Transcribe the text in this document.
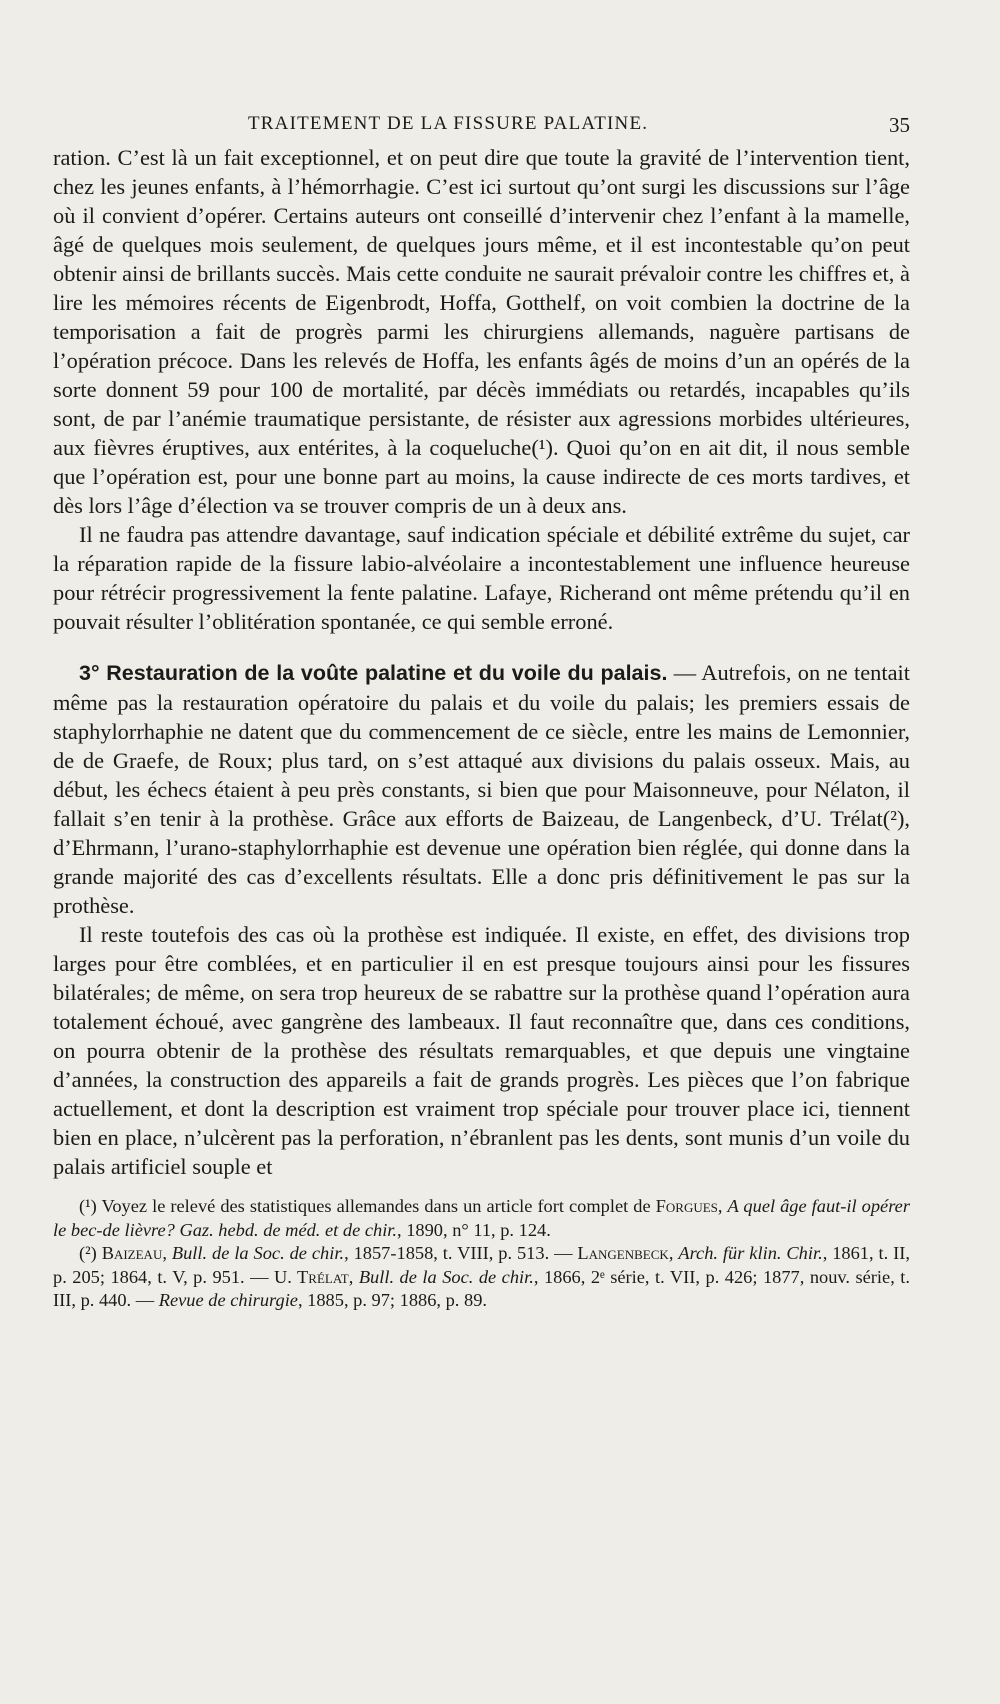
TRAITEMENT DE LA FISSURE PALATINE.	35

ration. C’est là un fait exceptionnel, et on peut dire que toute la gravité de l’intervention tient, chez les jeunes enfants, à l’hémorrhagie. C’est ici surtout qu’ont surgi les discussions sur l’âge où il convient d’opérer. Certains auteurs ont conseillé d’intervenir chez l’enfant à la mamelle, âgé de quelques mois seulement, de quelques jours même, et il est incontestable qu’on peut obtenir ainsi de brillants succès. Mais cette conduite ne saurait prévaloir contre les chiffres et, à lire les mémoires récents de Eigenbrodt, Hoffa, Gotthelf, on voit combien la doctrine de la temporisation a fait de progrès parmi les chirurgiens allemands, naguère partisans de l’opération précoce. Dans les relevés de Hoffa, les enfants âgés de moins d’un an opérés de la sorte donnent 59 pour 100 de mortalité, par décès immédiats ou retardés, incapables qu’ils sont, de par l’anémie traumatique persistante, de résister aux agressions morbides ultérieures, aux fièvres éruptives, aux entérites, à la coqueluche(¹). Quoi qu’on en ait dit, il nous semble que l’opération est, pour une bonne part au moins, la cause indirecte de ces morts tardives, et dès lors l’âge d’élection va se trouver compris de un à deux ans.

Il ne faudra pas attendre davantage, sauf indication spéciale et débilité extrême du sujet, car la réparation rapide de la fissure labio-alvéolaire a incontestablement une influence heureuse pour rétrécir progressivement la fente palatine. Lafaye, Richerand ont même prétendu qu’il en pouvait résulter l’oblitération spontanée, ce qui semble erroné.

3° Restauration de la voûte palatine et du voile du palais. — Autrefois, on ne tentait même pas la restauration opératoire du palais et du voile du palais; les premiers essais de staphylorrhaphie ne datent que du commencement de ce siècle, entre les mains de Lemonnier, de de Graefe, de Roux; plus tard, on s’est attaqué aux divisions du palais osseux. Mais, au début, les échecs étaient à peu près constants, si bien que pour Maisonneuve, pour Nélaton, il fallait s’en tenir à la prothèse. Grâce aux efforts de Baizeau, de Langenbeck, d’U. Trélat(²), d’Ehrmann, l’urano-staphylorrhaphie est devenue une opération bien réglée, qui donne dans la grande majorité des cas d’excellents résultats. Elle a donc pris définitivement le pas sur la prothèse.

Il reste toutefois des cas où la prothèse est indiquée. Il existe, en effet, des divisions trop larges pour être comblées, et en particulier il en est presque toujours ainsi pour les fissures bilatérales; de même, on sera trop heureux de se rabattre sur la prothèse quand l’opération aura totalement échoué, avec gangrène des lambeaux. Il faut reconnaître que, dans ces conditions, on pourra obtenir de la prothèse des résultats remarquables, et que depuis une vingtaine d’années, la construction des appareils a fait de grands progrès. Les pièces que l’on fabrique actuellement, et dont la description est vraiment trop spéciale pour trouver place ici, tiennent bien en place, n’ulcèrent pas la perforation, n’ébranlent pas les dents, sont munis d’un voile du palais artificiel souple et

(¹) Voyez le relevé des statistiques allemandes dans un article fort complet de Forgues, A quel âge faut-il opérer le bec-de lièvre? Gaz. hebd. de méd. et de chir., 1890, n° 11, p. 124.

(²) Baizeau, Bull. de la Soc. de chir., 1857-1858, t. VIII, p. 513. — Langenbeck, Arch. für klin. Chir., 1861, t. II, p. 205; 1864, t. V, p. 951. — U. Trélat, Bull. de la Soc. de chir., 1866, 2ᵉ série, t. VII, p. 426; 1877, nouv. série, t. III, p. 440. — Revue de chirurgie, 1885, p. 97; 1886, p. 89.
